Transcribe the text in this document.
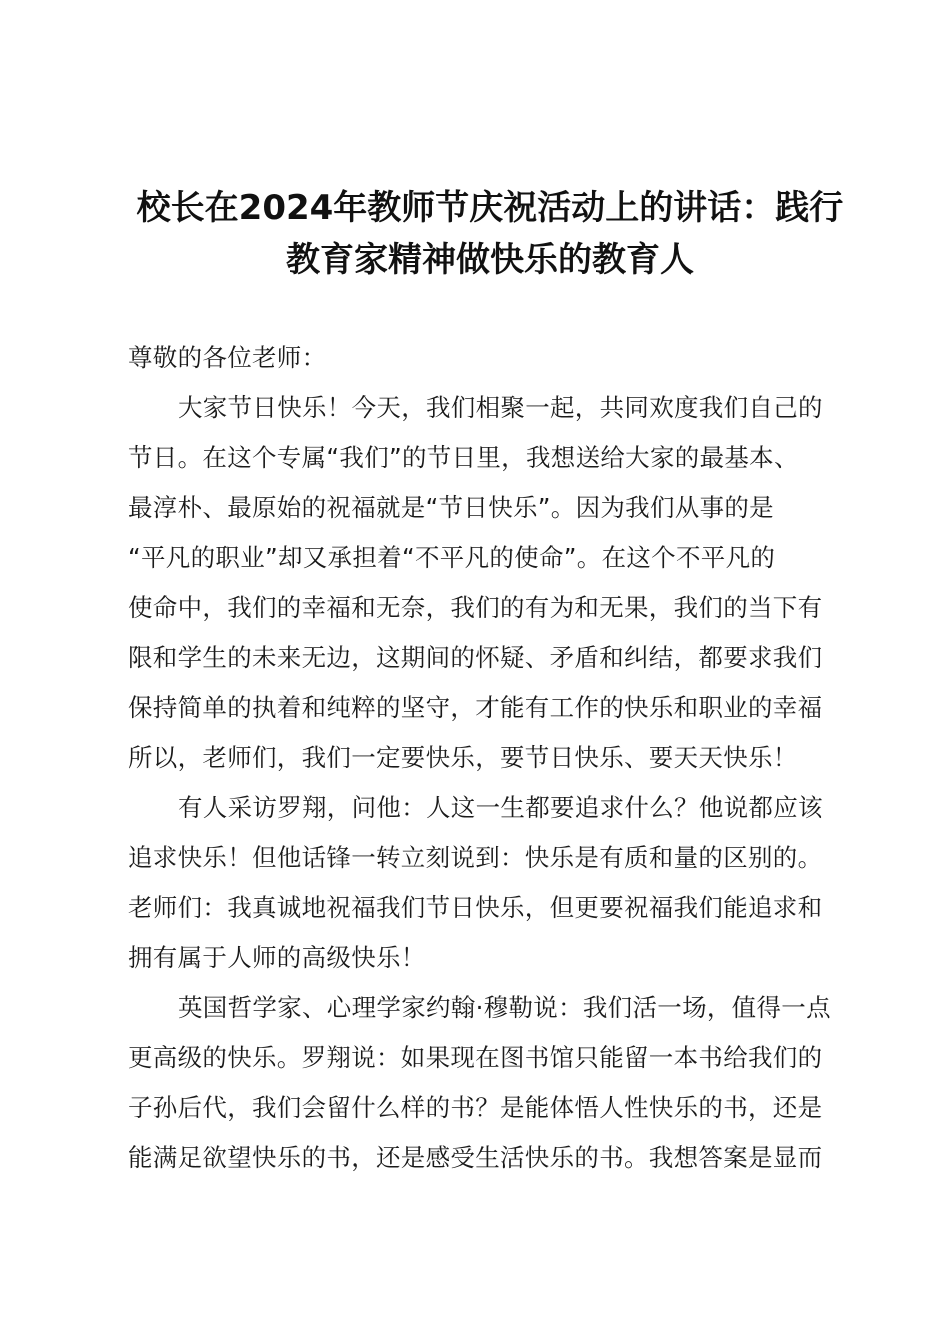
校长在2024年教师节庆祝活动上的讲话：践行
教育家精神做快乐的教育人
尊敬的各位老师：
大家节日快乐！今天，我们相聚一起，共同欢度我们自己的
节日。在这个专属“我们”的节日里，我想送给大家的最基本、
最淳朴、最原始的祝福就是“节日快乐”。因为我们从事的是
“平凡的职业”却又承担着“不平凡的使命”。在这个不平凡的
使命中，我们的幸福和无奈，我们的有为和无果，我们的当下有
限和学生的未来无边，这期间的怀疑、矛盾和纠结，都要求我们
保持简单的执着和纯粹的坚守，才能有工作的快乐和职业的幸福
所以，老师们，我们一定要快乐，要节日快乐、要天天快乐！
有人采访罗翔，问他：人这一生都要追求什么？他说都应该
追求快乐！但他话锋一转立刻说到：快乐是有质和量的区别的。
老师们：我真诚地祝福我们节日快乐，但更要祝福我们能追求和
拥有属于人师的高级快乐！
英国哲学家、心理学家约翰·穆勒说：我们活一场，值得一点
更高级的快乐。罗翔说：如果现在图书馆只能留一本书给我们的
子孙后代，我们会留什么样的书？是能体悟人性快乐的书，还是
能满足欲望快乐的书，还是感受生活快乐的书。我想答案是显而
